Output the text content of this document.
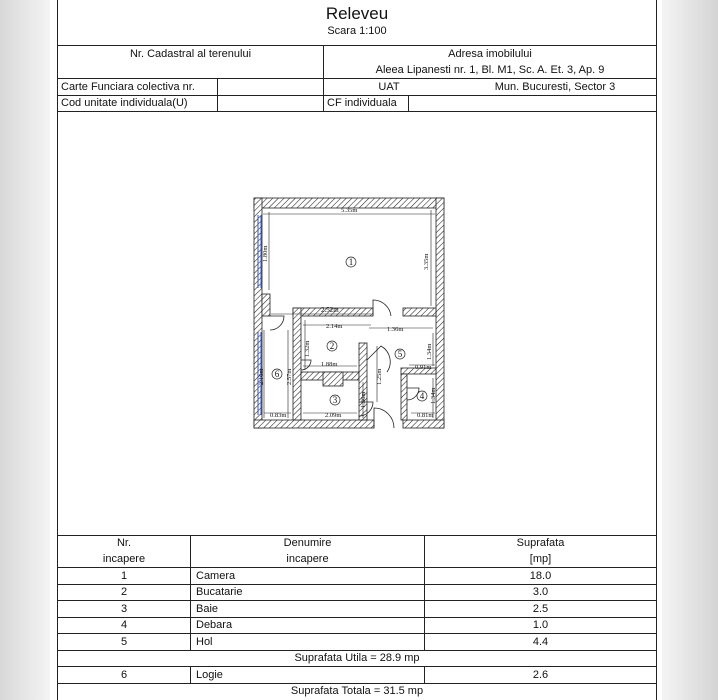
Releveu
Scara 1:100
Nr. Cadastral al terenului	Adresa imobilului
Aleea Lipanesti nr. 1, Bl. M1, Sc. A. Et. 3, Ap. 9
Carte Funciara colectiva nr.	UAT	Mun. Bucuresti, Sector 3
Cod unitate individuala(U)	CF individuala
5.35m
1.80m	3.35m
2.52m
2.14m	1.36m
1.32m	1.34m
0.91m
1.88m
1.25m
2.16m	2.57m
2.09m
1.36m
0.83m	0.81m
1.34m
1
2
3	4
5
6
Nr.
incapere
Denumire
incapere
Suprafata
[mp]
1	Camera	18.0
2	Bucatarie	3.0
3	Baie	2.5
4	Debara	1.0
5	Hol	4.4
Suprafata Utila = 28.9 mp
6	Logie	2.6
Suprafata Totala = 31.5 mp
